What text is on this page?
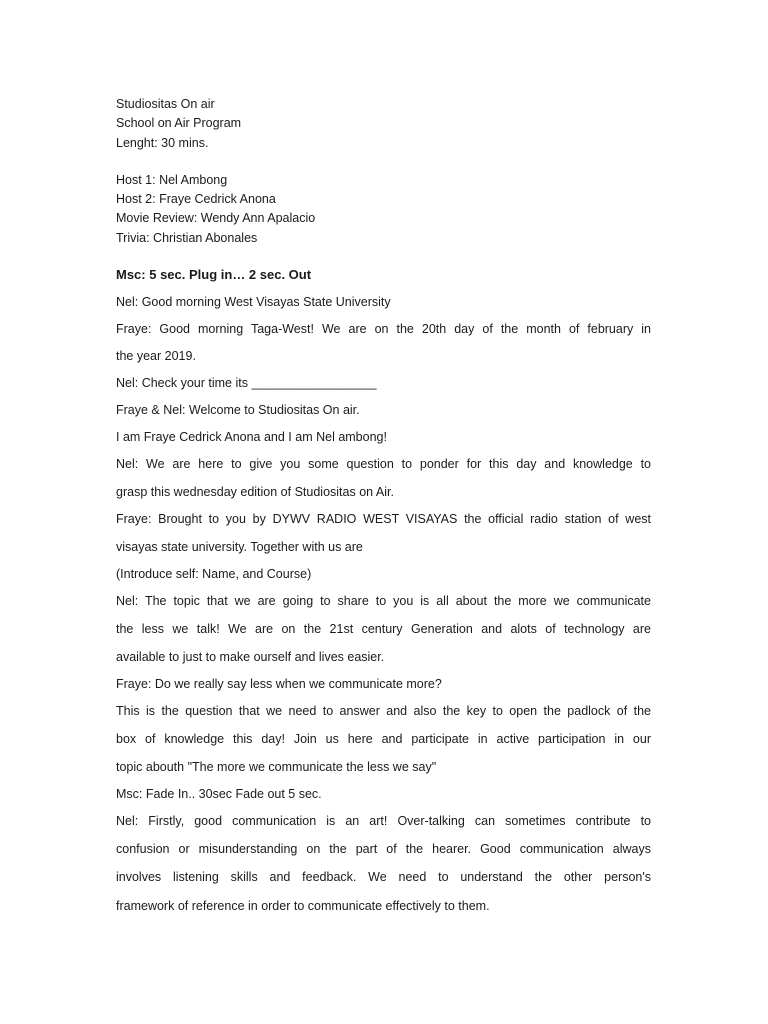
Studiositas On air
School on Air Program
Lenght: 30 mins.
Host 1: Nel Ambong
Host 2: Fraye Cedrick Anona
Movie Review: Wendy Ann Apalacio
Trivia: Christian Abonales
Msc: 5 sec. Plug in… 2 sec. Out
Nel: Good morning West Visayas State University
Fraye: Good morning Taga-West! We are on the 20th day of the month of february in
the year 2019.
Nel: Check your time its __________________
Fraye & Nel: Welcome to Studiositas On air.
I am Fraye Cedrick Anona and I am Nel ambong!
Nel: We are here to give you some question to ponder for this day and knowledge to
grasp this wednesday edition of Studiositas on Air.
Fraye: Brought to you by DYWV RADIO WEST VISAYAS the official radio station of west
visayas state university. Together with us are
(Introduce self: Name, and Course)
Nel: The topic that we are going to share to you is all about the more we communicate
the less we talk! We are on the 21st century Generation and alots of technology are
available to just to make ourself and lives easier.
Fraye: Do we really say less when we communicate more?
This is the question that we need to answer and also the key to open the padlock of the
box of knowledge this day! Join us here and participate in active participation in our
topic abouth "The more we communicate the less we say"
Msc: Fade In.. 30sec Fade out 5 sec.
Nel: Firstly, good communication is an art! Over-talking can sometimes contribute to
confusion or misunderstanding on the part of the hearer. Good communication always
involves listening skills and feedback. We need to understand the other person's
framework of reference in order to communicate effectively to them.
